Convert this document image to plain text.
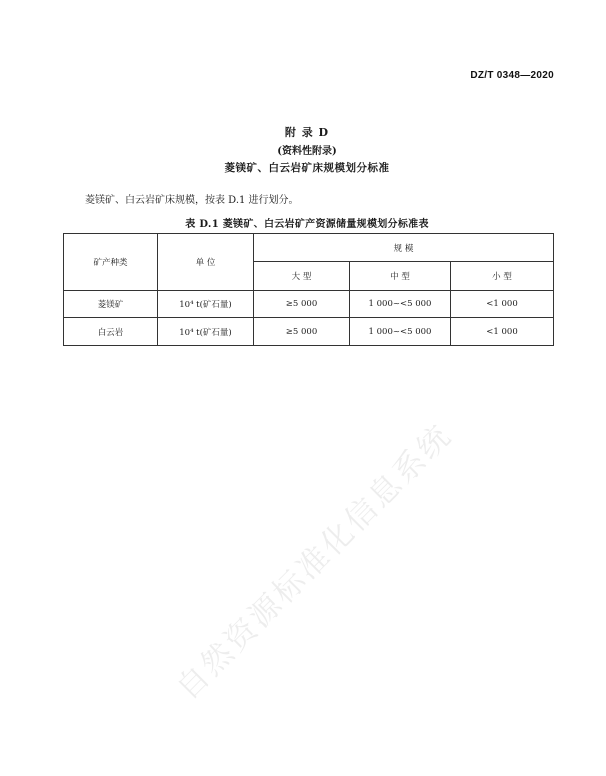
DZ/T 0348—2020
附 录 D
(资料性附录)
菱镁矿、白云岩矿床规模划分标准
菱镁矿、白云岩矿床规模，按表 D.1 进行划分。
表 D.1 菱镁矿、白云岩矿产资源储量规模划分标准表
矿产种类	单 位	规 模		
		大 型	中 型	小 型
菱镁矿	10⁴ t(矿石量)	≥5 000	1 000~<5 000	<1 000
白云岩	10⁴ t(矿石量)	≥5 000	1 000~<5 000	<1 000
自然资源标准化信息系统
